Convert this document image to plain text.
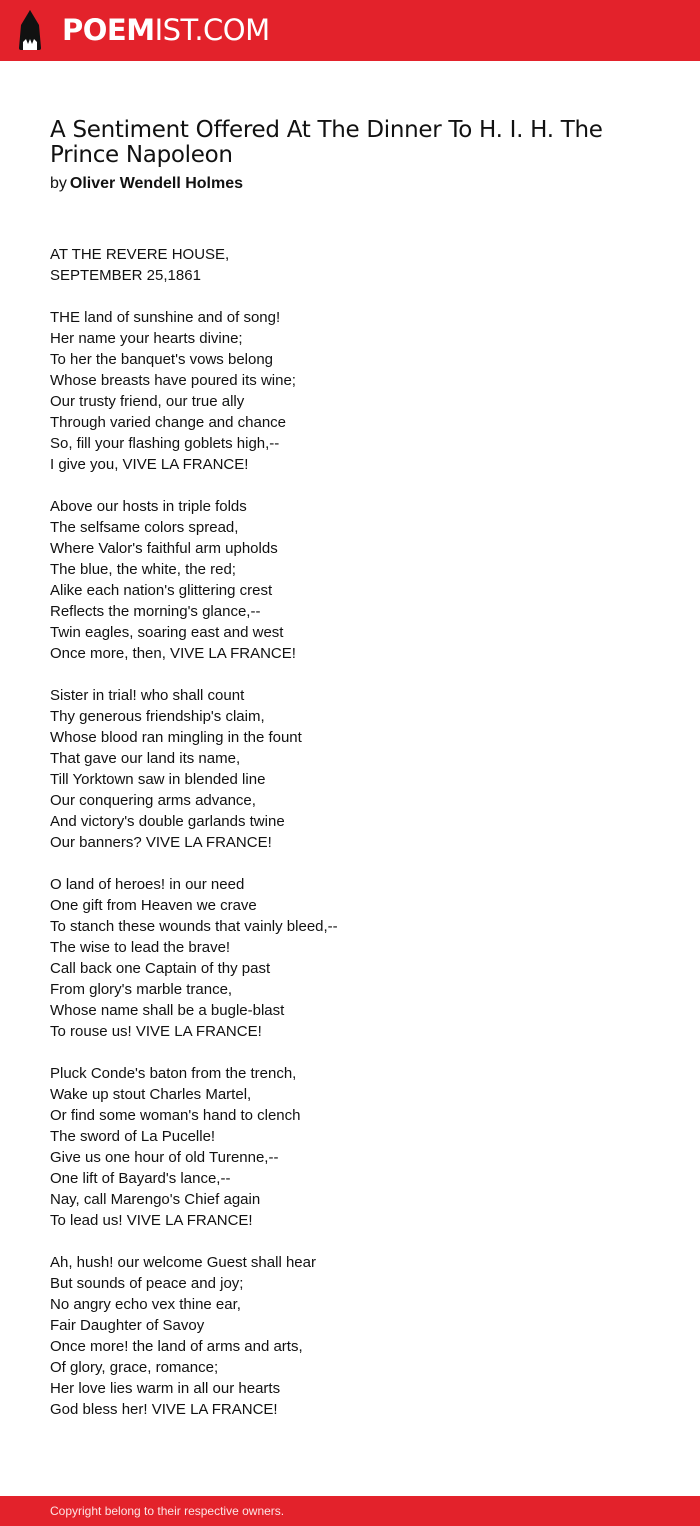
POEMIST.COM
A Sentiment Offered At The Dinner To H. I. H. The Prince Napoleon
by Oliver Wendell Holmes
AT THE REVERE HOUSE,
SEPTEMBER 25,1861
THE land of sunshine and of song!
Her name your hearts divine;
To her the banquet's vows belong
Whose breasts have poured its wine;
Our trusty friend, our true ally
Through varied change and chance
So, fill your flashing goblets high,--
I give you, VIVE LA FRANCE!
Above our hosts in triple folds
The selfsame colors spread,
Where Valor's faithful arm upholds
The blue, the white, the red;
Alike each nation's glittering crest
Reflects the morning's glance,--
Twin eagles, soaring east and west
Once more, then, VIVE LA FRANCE!
Sister in trial! who shall count
Thy generous friendship's claim,
Whose blood ran mingling in the fount
That gave our land its name,
Till Yorktown saw in blended line
Our conquering arms advance,
And victory's double garlands twine
Our banners? VIVE LA FRANCE!
O land of heroes! in our need
One gift from Heaven we crave
To stanch these wounds that vainly bleed,--
The wise to lead the brave!
Call back one Captain of thy past
From glory's marble trance,
Whose name shall be a bugle-blast
To rouse us! VIVE LA FRANCE!
Pluck Conde's baton from the trench,
Wake up stout Charles Martel,
Or find some woman's hand to clench
The sword of La Pucelle!
Give us one hour of old Turenne,--
One lift of Bayard's lance,--
Nay, call Marengo's Chief again
To lead us! VIVE LA FRANCE!
Ah, hush! our welcome Guest shall hear
But sounds of peace and joy;
No angry echo vex thine ear,
Fair Daughter of Savoy
Once more! the land of arms and arts,
Of glory, grace, romance;
Her love lies warm in all our hearts
God bless her! VIVE LA FRANCE!
Copyright belong to their respective owners.
